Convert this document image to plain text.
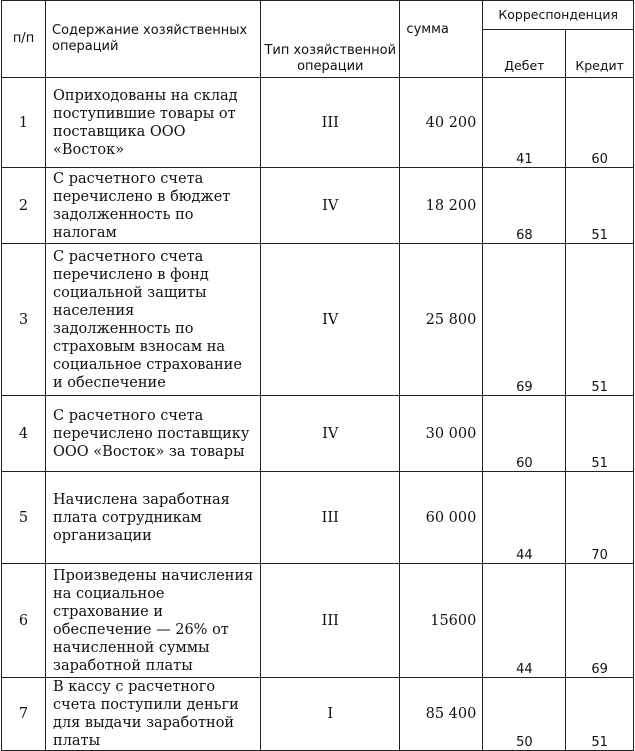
п/п	Содержание хозяйственных операций	Тип хозяйственной операции	сумма	Корреспонденция	
				Дебет	Кредит
1	Оприходованы на склад поступившие товары от поставщика ООО «Восток»	III	40 200	41	60
2	С расчетного счета перечислено в бюджет задолженность по налогам	IV	18 200	68	51
3	С расчетного счета перечислено в фонд социальной защиты населения задолженность по страховым взносам на социальное страхование и обеспечение	IV	25 800	69	51
4	С расчетного счета перечислено поставщику ООО «Восток» за товары	IV	30 000	60	51
5	Начислена заработная плата сотрудникам организации	III	60 000	44	70
6	Произведены начисления на социальное страхование и обеспечение — 26% от начисленной суммы заработной платы	III	15600	44	69
7	В кассу с расчетного счета поступили деньги для выдачи заработной платы	I	85 400	50	51
